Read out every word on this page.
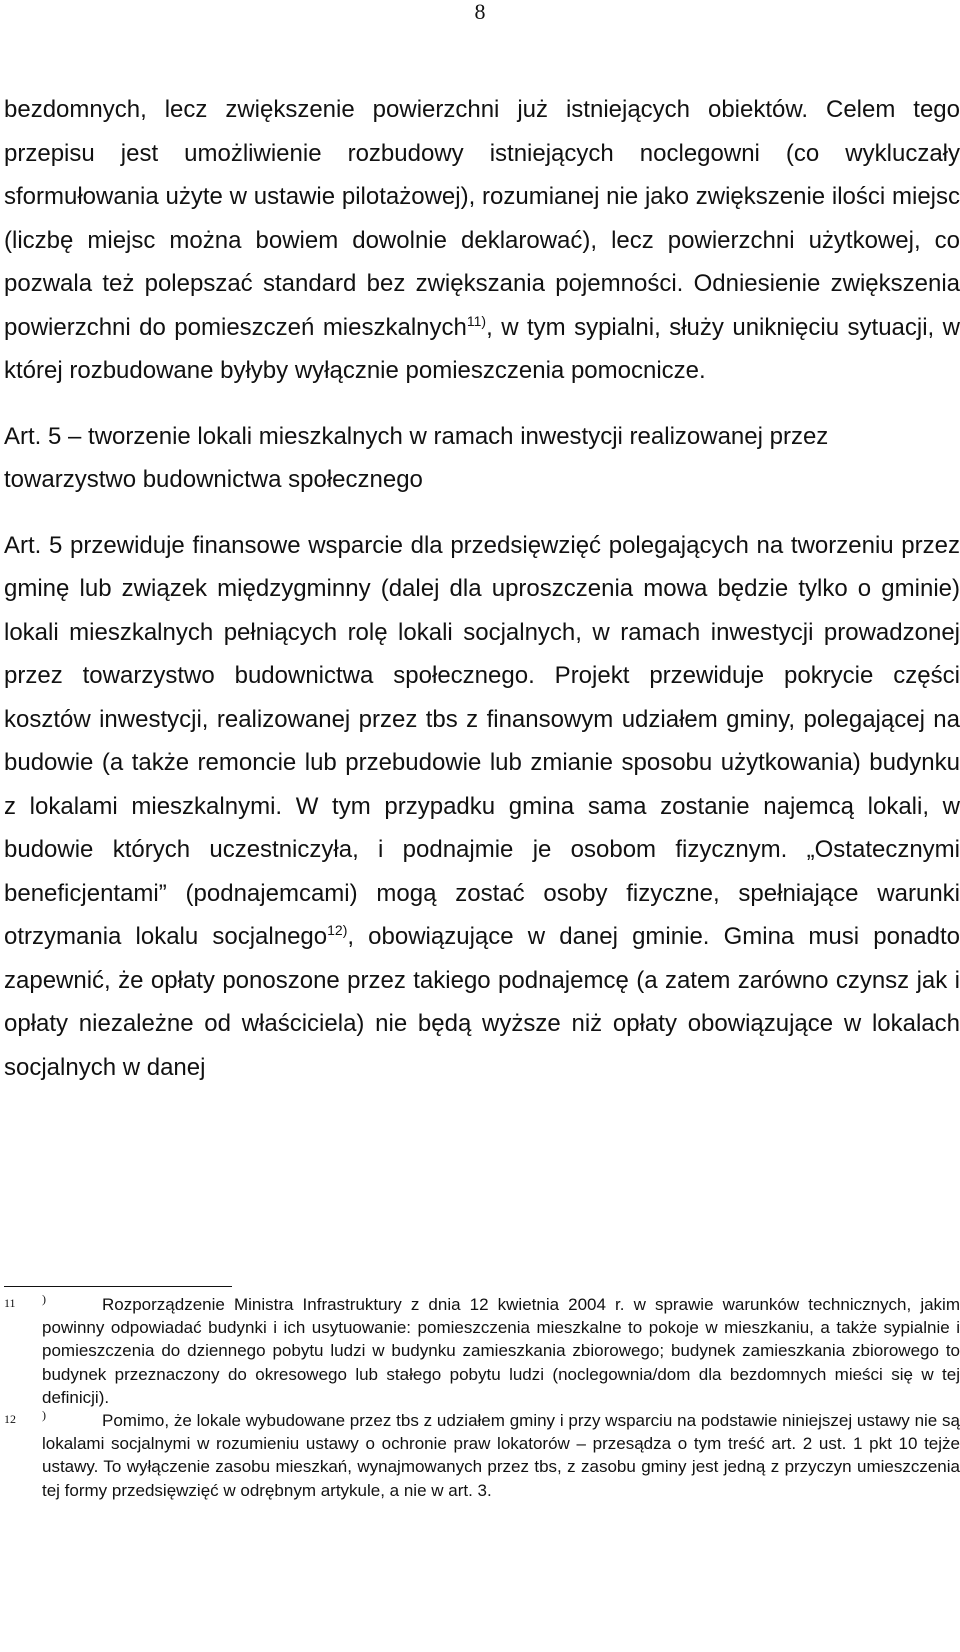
8

bezdomnych, lecz zwiększenie powierzchni już istniejących obiektów. Celem tego przepisu jest umożliwienie rozbudowy istniejących noclegowni (co wykluczały sformułowania użyte w ustawie pilotażowej), rozumianej nie jako zwiększenie ilości miejsc (liczbę miejsc można bowiem dowolnie deklarować), lecz powierzchni użytkowej, co pozwala też polepszać standard bez zwiększania pojemności. Odniesienie zwiększenia powierzchni do pomieszczeń mieszkalnych$^{11)}$, w tym sypialni, służy uniknięciu sytuacji, w której rozbudowane byłyby wyłącznie pomieszczenia pomocnicze.

Art. 5 – tworzenie lokali mieszkalnych w ramach inwestycji realizowanej przez towarzystwo budownictwa społecznego

Art. 5 przewiduje finansowe wsparcie dla przedsięwzięć polegających na tworzeniu przez gminę lub związek międzygminny (dalej dla uproszczenia mowa będzie tylko o gminie) lokali mieszkalnych pełniących rolę lokali socjalnych, w ramach inwestycji prowadzonej przez towarzystwo budownictwa społecznego. Projekt przewiduje pokrycie części kosztów inwestycji, realizowanej przez tbs z finansowym udziałem gminy, polegającej na budowie (a także remoncie lub przebudowie lub zmianie sposobu użytkowania) budynku z lokalami mieszkalnymi. W tym przypadku gmina sama zostanie najemcą lokali, w budowie których uczestniczyła, i podnajmie je osobom fizycznym. „Ostatecznymi beneficjentami” (podnajemcami) mogą zostać osoby fizyczne, spełniające warunki otrzymania lokalu socjalnego$^{12)}$, obowiązujące w danej gminie. Gmina musi ponadto zapewnić, że opłaty ponoszone przez takiego podnajemcę (a zatem zarówno czynsz jak i opłaty niezależne od właściciela) nie będą wyższe niż opłaty obowiązujące w lokalach socjalnych w danej

11 )	Rozporządzenie Ministra Infrastruktury z dnia 12 kwietnia 2004 r. w sprawie warunków technicznych, jakim powinny odpowiadać budynki i ich usytuowanie: pomieszczenia mieszkalne to pokoje w mieszkaniu, a także sypialnie i pomieszczenia do dziennego pobytu ludzi w budynku zamieszkania zbiorowego; budynek zamieszkania zbiorowego to budynek przeznaczony do okresowego lub stałego pobytu ludzi (noclegownia/dom dla bezdomnych mieści się w tej definicji).
12 )	Pomimo, że lokale wybudowane przez tbs z udziałem gminy i przy wsparciu na podstawie niniejszej ustawy nie są lokalami socjalnymi w rozumieniu ustawy o ochronie praw lokatorów – przesądza o tym treść art. 2 ust. 1 pkt 10 tejże ustawy. To wyłączenie zasobu mieszkań, wynajmowanych przez tbs, z zasobu gminy jest jedną z przyczyn umieszczenia tej formy przedsięwzięć w odrębnym artykule, a nie w art. 3.
